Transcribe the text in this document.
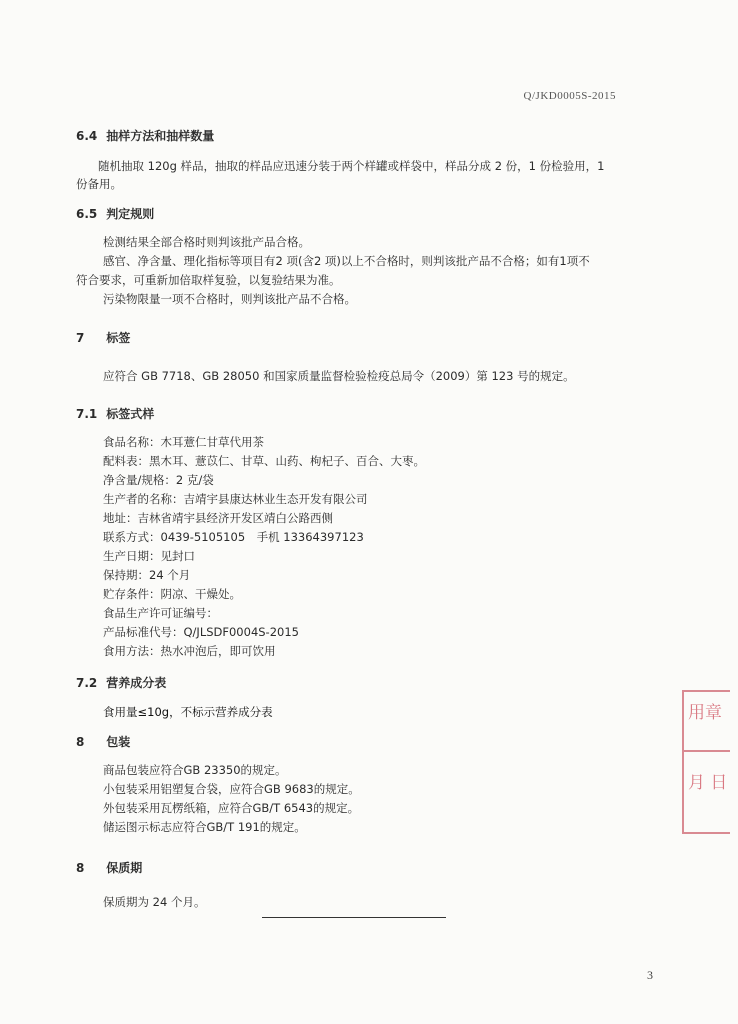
Q/JKD0005S-2015
6.4 抽样方法和抽样数量
随机抽取 120g 样品，抽取的样品应迅速分装于两个样罐或样袋中，样品分成 2 份，1 份检验用，1
份备用。
6.5 判定规则
检测结果全部合格时则判该批产品合格。
感官、净含量、理化指标等项目有2 项(含2 项)以上不合格时，则判该批产品不合格；如有1项不
符合要求，可重新加倍取样复验，以复验结果为准。
污染物限量一项不合格时，则判该批产品不合格。
7 标签
应符合 GB 7718、GB 28050 和国家质量监督检验检疫总局令（2009）第 123 号的规定。
7.1 标签式样
食品名称：木耳薏仁甘草代用茶
配料表：黑木耳、薏苡仁、甘草、山药、枸杞子、百合、大枣。
净含量/规格：2 克/袋
生产者的名称：吉靖宇县康达林业生态开发有限公司
地址：吉林省靖宇县经济开发区靖白公路西侧
联系方式：0439-5105105　手机 13364397123
生产日期：见封口
保持期：24 个月
贮存条件：阴凉、干燥处。
食品生产许可证编号：
产品标准代号：Q/JLSDF0004S-2015
食用方法：热水冲泡后，即可饮用
7.2 营养成分表
食用量≤10g，不标示营养成分表
8 包装
商品包装应符合GB 23350的规定。
小包装采用铝塑复合袋，应符合GB 9683的规定。
外包装采用瓦楞纸箱，应符合GB/T 6543的规定。
储运图示标志应符合GB/T 191的规定。
8 保质期
保质期为 24 个月。
用章
月 日
3
